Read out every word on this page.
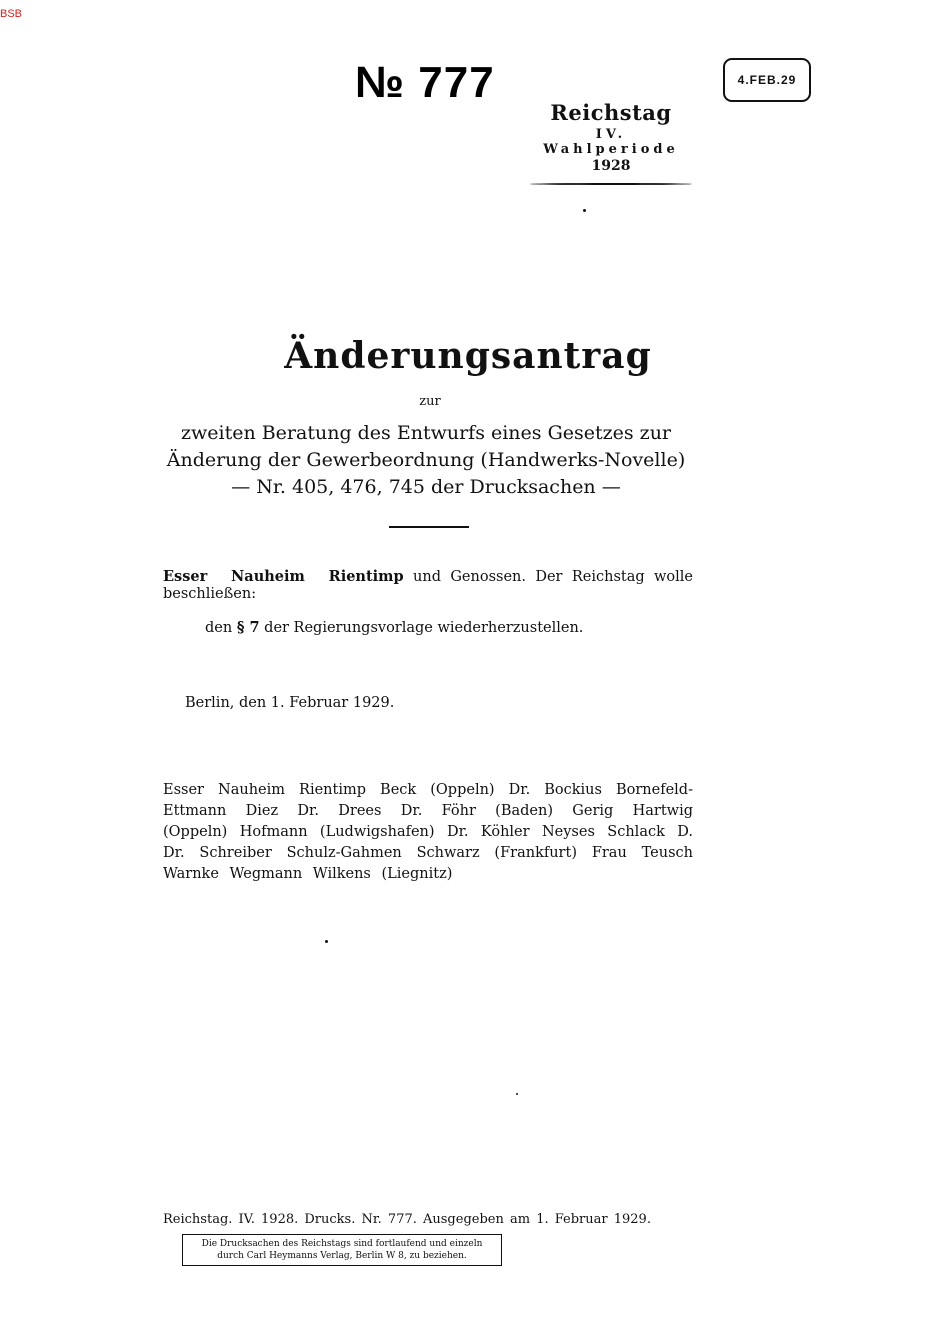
BSB
№ 777	4.FEB.29
Reichstag
IV. Wahlperiode
1928
Änderungsantrag
zur
zweiten Beratung des Entwurfs eines Gesetzes zur Änderung der Gewerbeordnung (Handwerks-Novelle) — Nr. 405, 476, 745 der Drucksachen —
Esser Nauheim Rientimp und Genossen. Der Reichstag wolle beschließen:
den § 7 der Regierungsvorlage wiederherzustellen.
Berlin, den 1. Februar 1929.
Esser Nauheim Rientimp Beck (Oppeln) Dr. Bockius Bornefeld-Ettmann Diez Dr. Drees Dr. Föhr (Baden) Gerig Hartwig (Oppeln) Hofmann (Ludwigshafen) Dr. Köhler Neyses Schlack D. Dr. Schreiber Schulz-Gahmen Schwarz (Frankfurt) Frau Teusch Warnke Wegmann Wilkens (Liegnitz)
Reichstag. IV. 1928. Drucks. Nr. 777. Ausgegeben am 1. Februar 1929.
Die Drucksachen des Reichstags sind fortlaufend und einzeln
durch Carl Heymanns Verlag, Berlin W 8, zu beziehen.
